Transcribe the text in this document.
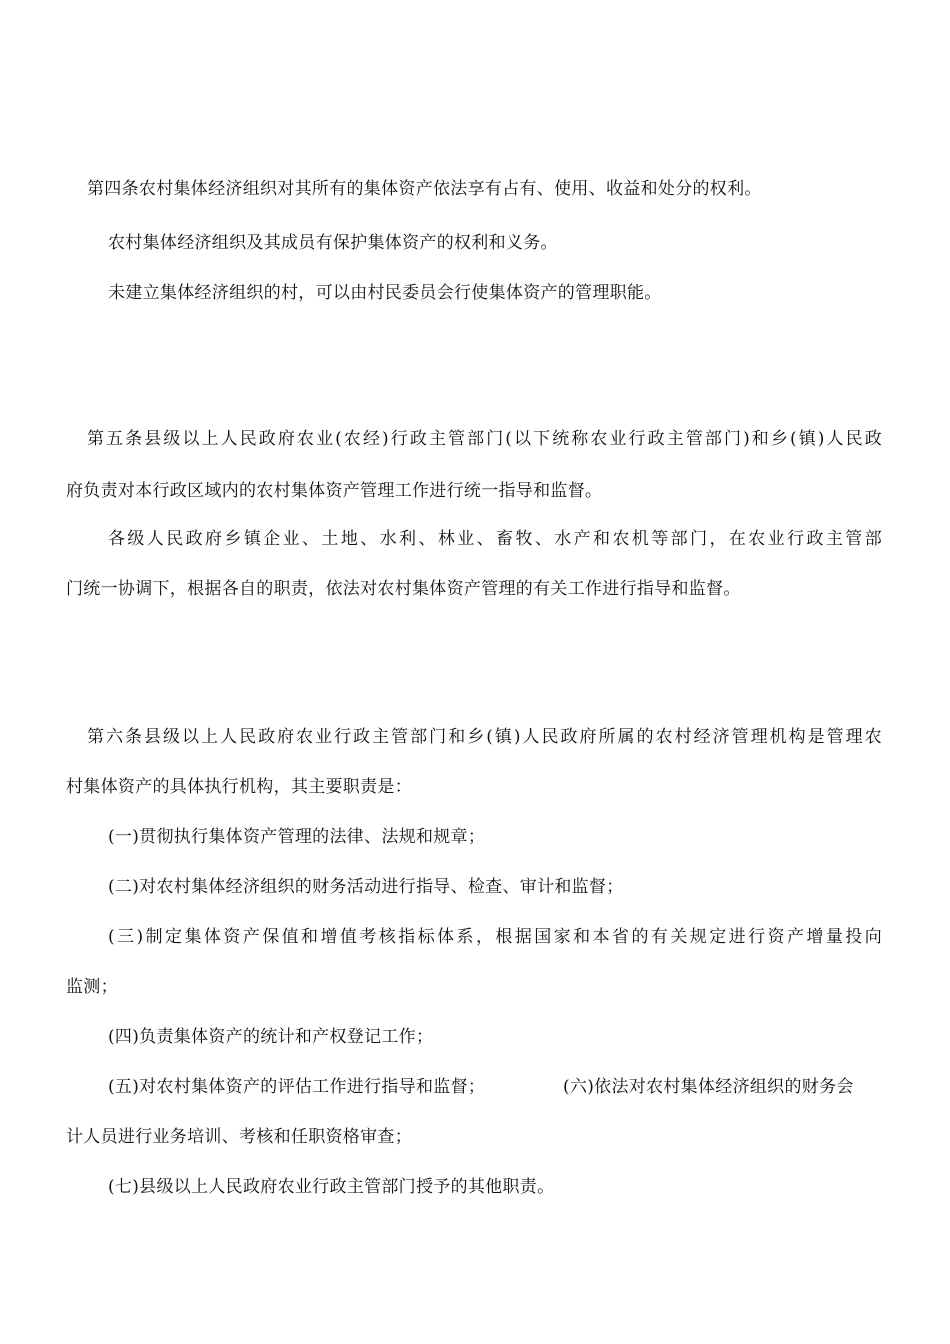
第四条农村集体经济组织对其所有的集体资产依法享有占有、使用、收益和处分的权利。
农村集体经济组织及其成员有保护集体资产的权利和义务。
未建立集体经济组织的村，可以由村民委员会行使集体资产的管理职能。
第五条县级以上人民政府农业(农经)行政主管部门(以下统称农业行政主管部门)和乡(镇)人民政
府负责对本行政区域内的农村集体资产管理工作进行统一指导和监督。
各级人民政府乡镇企业、土地、水利、林业、畜牧、水产和农机等部门，在农业行政主管部
门统一协调下，根据各自的职责，依法对农村集体资产管理的有关工作进行指导和监督。
第六条县级以上人民政府农业行政主管部门和乡(镇)人民政府所属的农村经济管理机构是管理农
村集体资产的具体执行机构，其主要职责是：
(一)贯彻执行集体资产管理的法律、法规和规章；
(二)对农村集体经济组织的财务活动进行指导、检查、审计和监督；
(三)制定集体资产保值和增值考核指标体系，根据国家和本省的有关规定进行资产增量投向
监测；
(四)负责集体资产的统计和产权登记工作；
(五)对农村集体资产的评估工作进行指导和监督；	(六)依法对农村集体经济组织的财务会
计人员进行业务培训、考核和任职资格审查；
(七)县级以上人民政府农业行政主管部门授予的其他职责。
